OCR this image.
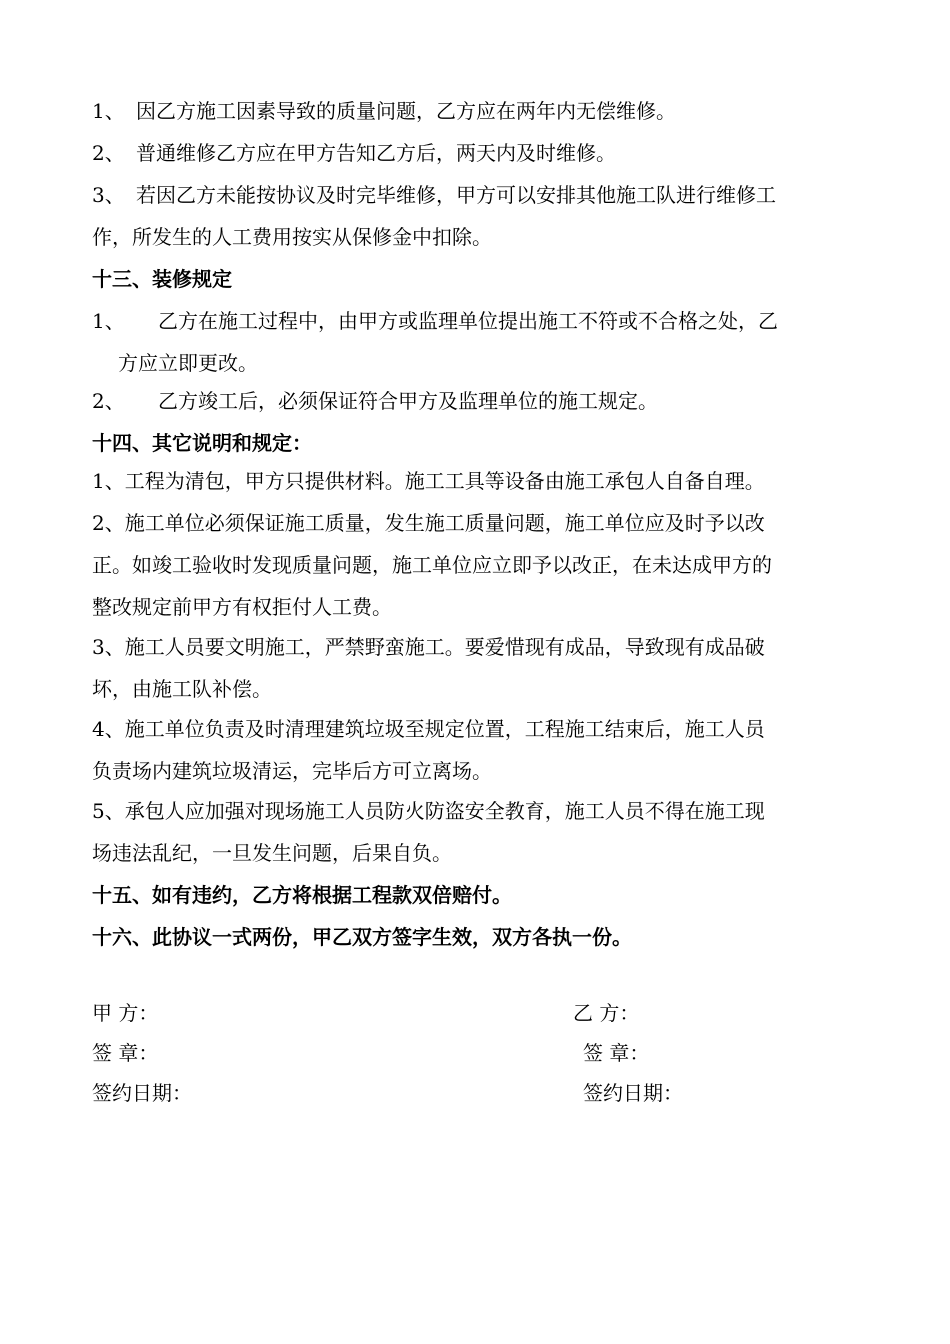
1、 因乙方施工因素导致的质量问题，乙方应在两年内无偿维修。
2、 普通维修乙方应在甲方告知乙方后，两天内及时维修。
3、 若因乙方未能按协议及时完毕维修，甲方可以安排其他施工队进行维修工
作，所发生的人工费用按实从保修金中扣除。
十三、装修规定
1、 乙方在施工过程中，由甲方或监理单位提出施工不符或不合格之处，乙
方应立即更改。
2、 乙方竣工后，必须保证符合甲方及监理单位的施工规定。
十四、其它说明和规定：
1、工程为清包，甲方只提供材料。施工工具等设备由施工承包人自备自理。
2、施工单位必须保证施工质量，发生施工质量问题，施工单位应及时予以改
正。如竣工验收时发现质量问题，施工单位应立即予以改正，在未达成甲方的
整改规定前甲方有权拒付人工费。
3、施工人员要文明施工，严禁野蛮施工。要爱惜现有成品，导致现有成品破
坏，由施工队补偿。
4、施工单位负责及时清理建筑垃圾至规定位置，工程施工结束后，施工人员
负责场内建筑垃圾清运，完毕后方可立离场。
5、承包人应加强对现场施工人员防火防盗安全教育，施工人员不得在施工现
场违法乱纪，一旦发生问题，后果自负。
十五、如有违约，乙方将根据工程款双倍赔付。
十六、此协议一式两份，甲乙双方签字生效，双方各执一份。
甲 方：	乙 方：
签 章：	签 章：
签约日期：	签约日期：
